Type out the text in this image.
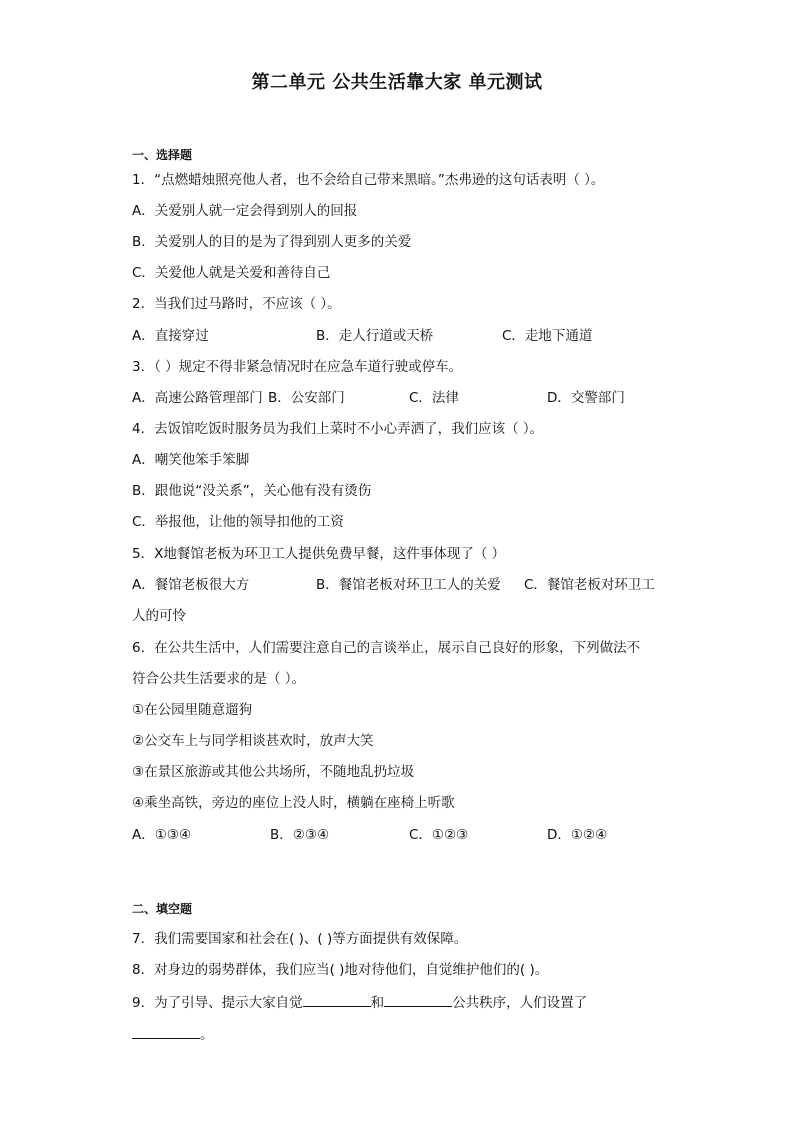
第二单元 公共生活靠大家 单元测试
一、选择题
1．“点燃蜡烛照亮他人者，也不会给自己带来黑暗。”杰弗逊的这句话表明（ ）。
A．关爱别人就一定会得到别人的回报
B．关爱别人的目的是为了得到别人更多的关爱
C．关爱他人就是关爱和善待自己
2．当我们过马路时，不应该（ ）。
A．直接穿过	B．走人行道或天桥	C．走地下通道
3．（ ）规定不得非紧急情况时在应急车道行驶或停车。
A．高速公路管理部门 B．公安部门	C．法律	D．交警部门
4．去饭馆吃饭时服务员为我们上菜时不小心弄洒了，我们应该（ ）。
A．嘲笑他笨手笨脚
B．跟他说“没关系”，关心他有没有烫伤
C．举报他，让他的领导扣他的工资
5．X地餐馆老板为环卫工人提供免费早餐，这件事体现了（ ）
A．餐馆老板很大方	B．餐馆老板对环卫工人的关爱 C．餐馆老板对环卫工
人的可怜
6．在公共生活中，人们需要注意自己的言谈举止，展示自己良好的形象，下列做法不
符合公共生活要求的是（ ）。
①在公园里随意遛狗
②公交车上与同学相谈甚欢时，放声大笑
③在景区旅游或其他公共场所，不随地乱扔垃圾
④乘坐高铁，旁边的座位上没人时，横躺在座椅上听歌
A．①③④	B．②③④	C．①②③	D．①②④
二、填空题
7．我们需要国家和社会在( )、( )等方面提供有效保障。
8．对身边的弱势群体，我们应当( )地对待他们，自觉维护他们的( )。
9．为了引导、提示大家自觉	和	公共秩序，人们设置了
。
